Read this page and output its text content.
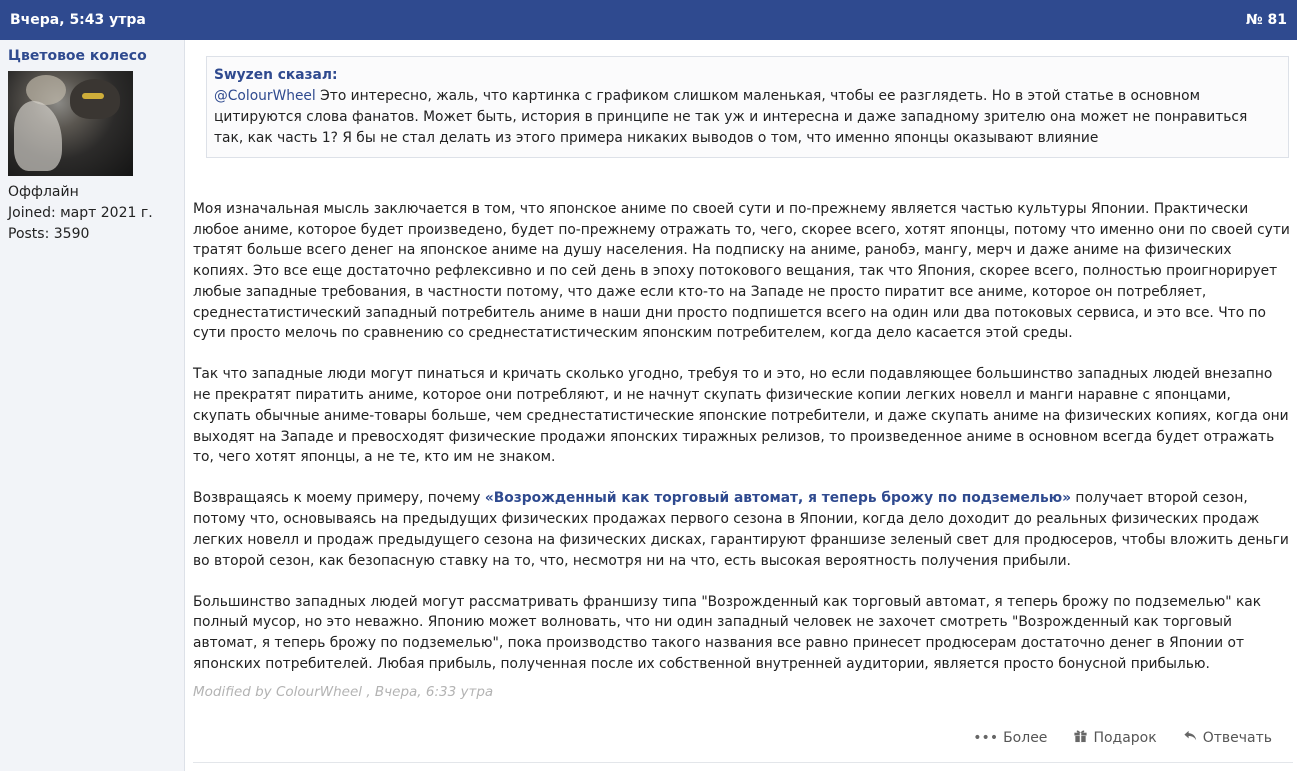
Вчера, 5:43 утра	№ 81
Цветовое колесо
Оффлайн
Joined: март 2021 г.
Posts: 3590
Swyzen сказал:
@ColourWheel Это интересно, жаль, что картинка с графиком слишком маленькая, чтобы ее разглядеть. Но в этой статье в основном цитируются слова фанатов. Может быть, история в принципе не так уж и интересна и даже западному зрителю она может не понравиться так, как часть 1? Я бы не стал делать из этого примера никаких выводов о том, что именно японцы оказывают влияние

Моя изначальная мысль заключается в том, что японское аниме по своей сути и по-прежнему является частью культуры Японии. Практически любое аниме, которое будет произведено, будет по-прежнему отражать то, чего, скорее всего, хотят японцы, потому что именно они по своей сути тратят больше всего денег на японское аниме на душу населения. На подписку на аниме, ранобэ, мангу, мерч и даже аниме на физических копиях. Это все еще достаточно рефлексивно и по сей день в эпоху потокового вещания, так что Япония, скорее всего, полностью проигнорирует любые западные требования, в частности потому, что даже если кто-то на Западе не просто пиратит все аниме, которое он потребляет, среднестатистический западный потребитель аниме в наши дни просто подпишется всего на один или два потоковых сервиса, и это все. Что по сути просто мелочь по сравнению со среднестатистическим японским потребителем, когда дело касается этой среды.

Так что западные люди могут пинаться и кричать сколько угодно, требуя то и это, но если подавляющее большинство западных людей внезапно не прекратят пиратить аниме, которое они потребляют, и не начнут скупать физические копии легких новелл и манги наравне с японцами, скупать обычные аниме-товары больше, чем среднестатистические японские потребители, и даже скупать аниме на физических копиях, когда они выходят на Западе и превосходят физические продажи японских тиражных релизов, то произведенное аниме в основном всегда будет отражать то, чего хотят японцы, а не те, кто им не знаком.

Возвращаясь к моему примеру, почему «Возрожденный как торговый автомат, я теперь брожу по подземелью» получает второй сезон, потому что, основываясь на предыдущих физических продажах первого сезона в Японии, когда дело доходит до реальных физических продаж легких новелл и продаж предыдущего сезона на физических дисках, гарантируют франшизе зеленый свет для продюсеров, чтобы вложить деньги во второй сезон, как безопасную ставку на то, что, несмотря ни на что, есть высокая вероятность получения прибыли.

Большинство западных людей могут рассматривать франшизу типа "Возрожденный как торговый автомат, я теперь брожу по подземелью" как полный мусор, но это неважно. Японию может волновать, что ни один западный человек не захочет смотреть "Возрожденный как торговый автомат, я теперь брожу по подземелью", пока производство такого названия все равно принесет продюсерам достаточно денег в Японии от японских потребителей. Любая прибыль, полученная после их собственной внутренней аудитории, является просто бонусной прибылью.

Modified by ColourWheel , Вчера, 6:33 утра
••• Более	Подарок	Отвечать
